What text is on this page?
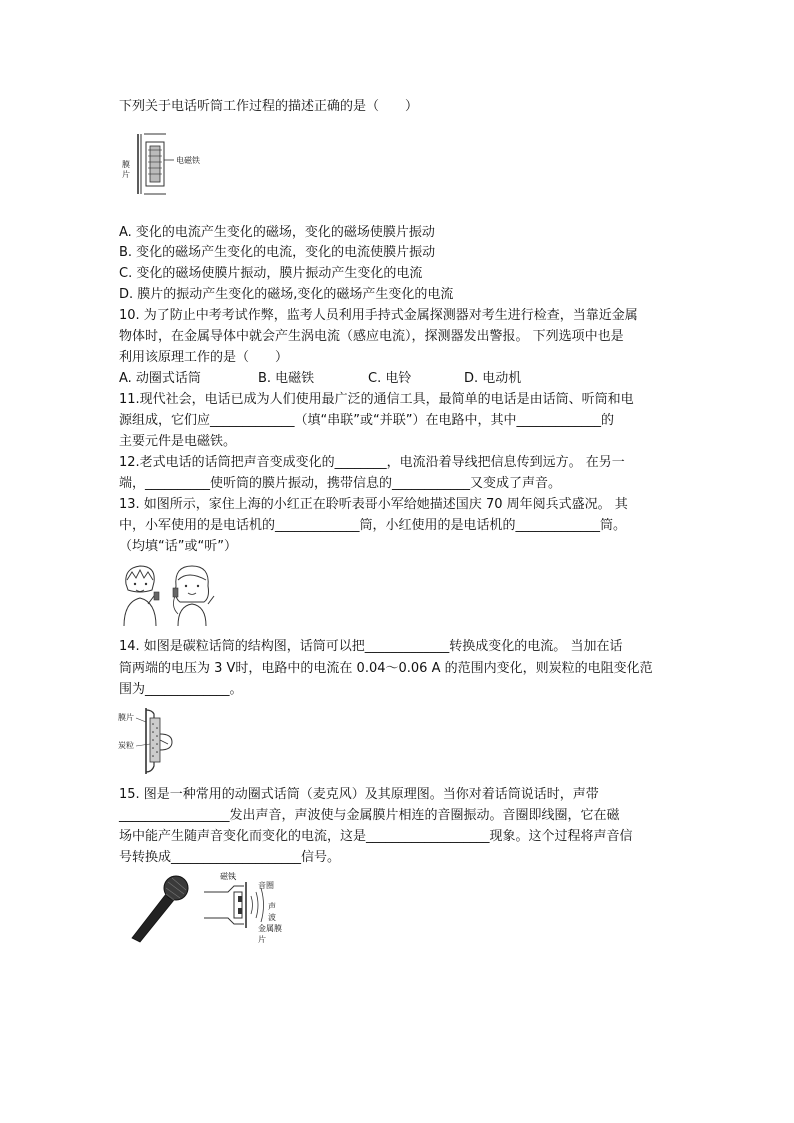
下列关于电话听筒工作过程的描述正确的是（　　）
膜
片
电磁铁
A. 变化的电流产生变化的磁场，变化的磁场使膜片振动
B. 变化的磁场产生变化的电流，变化的电流使膜片振动
C. 变化的磁场使膜片振动，膜片振动产生变化的电流
D. 膜片的振动产生变化的磁场,变化的磁场产生变化的电流
10. 为了防止中考考试作弊，监考人员利用手持式金属探测器对考生进行检查，当靠近金属
物体时，在金属导体中就会产生涡电流（感应电流），探测器发出警报。 下列选项中也是
利用该原理工作的是（　　）
A. 动圈式话筒	B. 电磁铁	C. 电铃	D. 电动机
11.现代社会，电话已成为人们使用最广泛的通信工具，最简单的电话是由话筒、听筒和电
源组成，它们应_____________（填“串联”或“并联”）在电路中，其中_____________的
主要元件是电磁铁。
12.老式电话的话筒把声音变成变化的________，电流沿着导线把信息传到远方。 在另一
端，__________使听筒的膜片振动，携带信息的____________又变成了声音。
13. 如图所示，家住上海的小红正在聆听表哥小军给她描述国庆 70 周年阅兵式盛况。 其
中，小军使用的是电话机的_____________筒，小红使用的是电话机的_____________筒。
（均填“话”或“听”）
14. 如图是碳粒话筒的结构图，话筒可以把_____________转换成变化的电流。 当加在话
筒两端的电压为 3 V时，电路中的电流在 0.04～0.06 A 的范围内变化，则炭粒的电阻变化范
围为_____________。
膜片
炭粒
15. 图是一种常用的动圈式话筒（麦克风）及其原理图。当你对着话筒说话时，声带
_________________发出声音，声波使与金属膜片相连的音圈振动。音圈即线圈，它在磁
场中能产生随声音变化而变化的电流，这是___________________现象。这个过程将声音信
号转换成____________________信号。
磁铁
音圈
声波
金属膜片
